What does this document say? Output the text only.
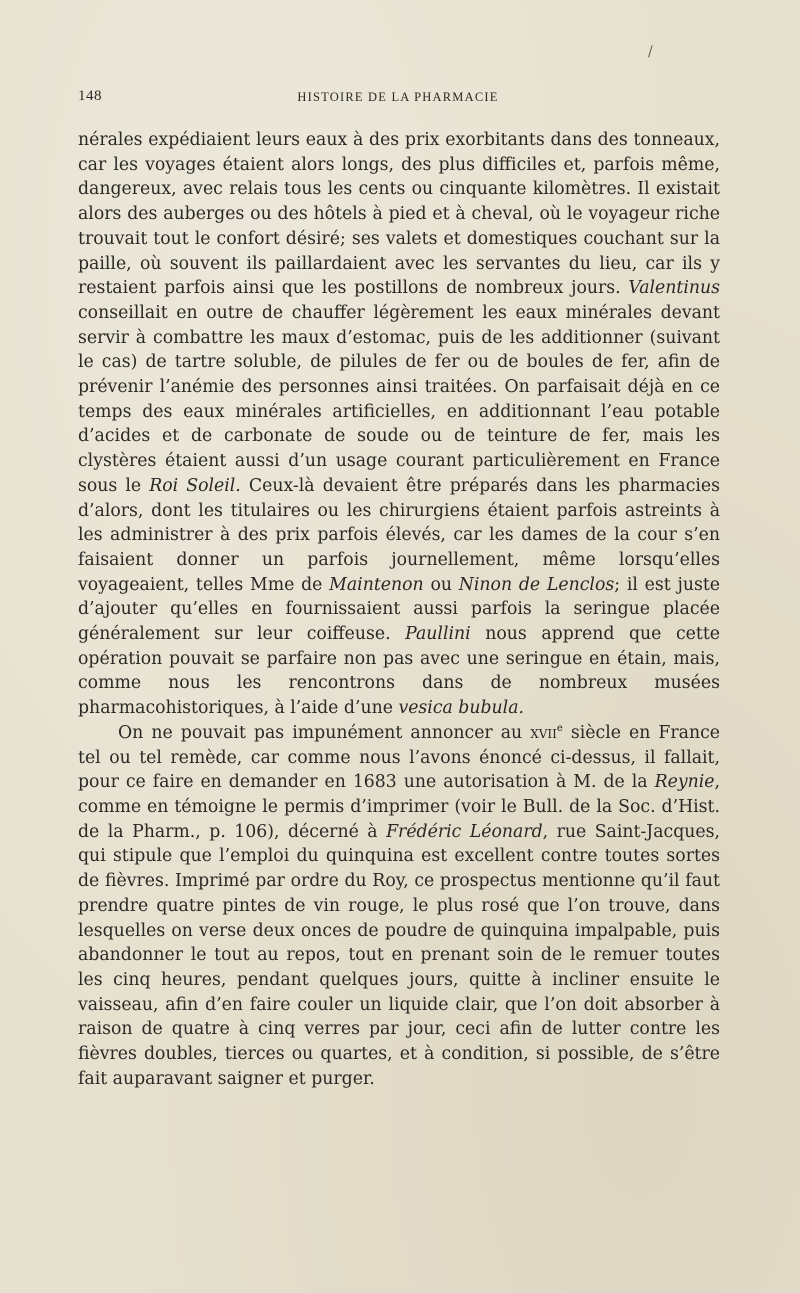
/
148	HISTOIRE DE LA PHARMACIE

nérales expédiaient leurs eaux à des prix exorbitants dans des tonneaux, car les voyages étaient alors longs, des plus difficiles et, parfois même, dangereux, avec relais tous les cents ou cinquante kilomètres. Il existait alors des auberges ou des hôtels à pied et à cheval, où le voyageur riche trouvait tout le confort désiré; ses valets et domestiques couchant sur la paille, où souvent ils paillardaient avec les servantes du lieu, car ils y restaient parfois ainsi que les postillons de nombreux jours. Valentinus conseillait en outre de chauffer légèrement les eaux minérales devant servir à combattre les maux d’estomac, puis de les additionner (suivant le cas) de tartre soluble, de pilules de fer ou de boules de fer, afin de prévenir l’anémie des personnes ainsi traitées. On parfaisait déjà en ce temps des eaux minérales artificielles, en additionnant l’eau potable d’acides et de carbonate de soude ou de teinture de fer, mais les clystères étaient aussi d’un usage courant particulièrement en France sous le Roi Soleil. Ceux-là devaient être préparés dans les pharmacies d’alors, dont les titulaires ou les chirurgiens étaient parfois astreints à les administrer à des prix parfois élevés, car les dames de la cour s’en faisaient donner un parfois journellement, même lorsqu’elles voyageaient, telles Mme de Maintenon ou Ninon de Lenclos; il est juste d’ajouter qu’elles en fournissaient aussi parfois la seringue placée généralement sur leur coiffeuse. Paullini nous apprend que cette opération pouvait se parfaire non pas avec une seringue en étain, mais, comme nous les rencontrons dans de nombreux musées pharmacohistoriques, à l’aide d’une vesica bubula.

On ne pouvait pas impunément annoncer au xvii$^e$ siècle en France tel ou tel remède, car comme nous l’avons énoncé ci-dessus, il fallait, pour ce faire en demander en 1683 une autorisation à M. de la Reynie, comme en témoigne le permis d’imprimer (voir le Bull. de la Soc. d’Hist. de la Pharm., p. 106), décerné à Frédéric Léonard, rue Saint-Jacques, qui stipule que l’emploi du quinquina est excellent contre toutes sortes de fièvres. Imprimé par ordre du Roy, ce prospectus mentionne qu’il faut prendre quatre pintes de vin rouge, le plus rosé que l’on trouve, dans lesquelles on verse deux onces de poudre de quinquina impalpable, puis abandonner le tout au repos, tout en prenant soin de le remuer toutes les cinq heures, pendant quelques jours, quitte à incliner ensuite le vaisseau, afin d’en faire couler un liquide clair, que l’on doit absorber à raison de quatre à cinq verres par jour, ceci afin de lutter contre les fièvres doubles, tierces ou quartes, et à condition, si possible, de s’être fait auparavant saigner et purger.
